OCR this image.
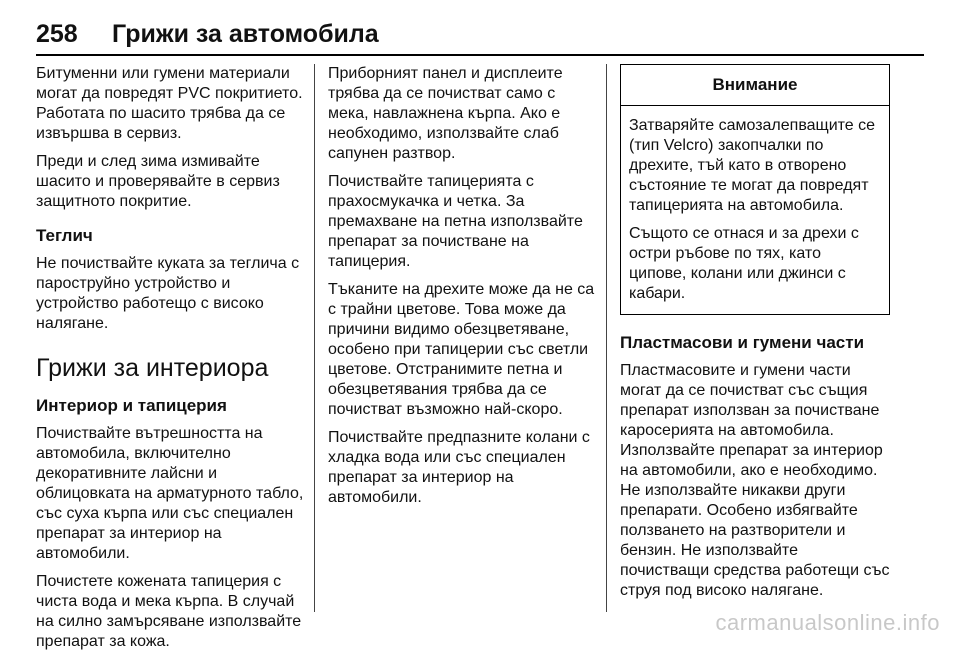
258 Грижи за автомобила

Битуменни или гумени материали могат да повредят PVC покритието. Работата по шасито трябва да се извършва в сервиз.

Преди и след зима измивайте шасито и проверявайте в сервиз защитното покритие.

Теглич

Не почиствайте куката за теглича с пароструйно устройство и устройство работещо с високо налягане.

Грижи за интериора
Интериор и тапицерия

Почиствайте вътрешността на автомобила, включително декоративните лайсни и облицовката на арматурното табло, със суха кърпа или със специален препарат за интериор на автомобили.

Почистете кожената тапицерия с чиста вода и мека кърпа. В случай на силно замърсяване използвайте препарат за кожа.

Приборният панел и дисплеите трябва да се почистват само с мека, навлажнена кърпа. Ако е необходимо, използвайте слаб сапунен разтвор.

Почиствайте тапицерията с прахосмукачка и четка. За премахване на петна използвайте препарат за почистване на тапицерия.

Тъканите на дрехите може да не са с трайни цветове. Това може да причини видимо обезцветяване, особено при тапицерии със светли цветове. Отстранимите петна и обезцветявания трябва да се почистват възможно най-скоро.

Почиствайте предпазните колани с хладка вода или със специален препарат за интериор на автомобили.

Внимание

Затваряйте самозалепващите се (тип Velcro) закопчалки по дрехите, тъй като в отворено състояние те могат да повредят тапицерията на автомобила.

Същото се отнася и за дрехи с остри ръбове по тях, като ципове, колани или джинси с кабари.

Пластмасови и гумени части

Пластмасовите и гумени части могат да се почистват със същия препарат използван за почистване каросерията на автомобила. Използвайте препарат за интериор на автомобили, ако е необходимо. Не използвайте никакви други препарати. Особено избягвайте ползването на разтворители и бензин. Не използвайте почистващи средства работещи със струя под високо налягане.

carmanualsonline.info
